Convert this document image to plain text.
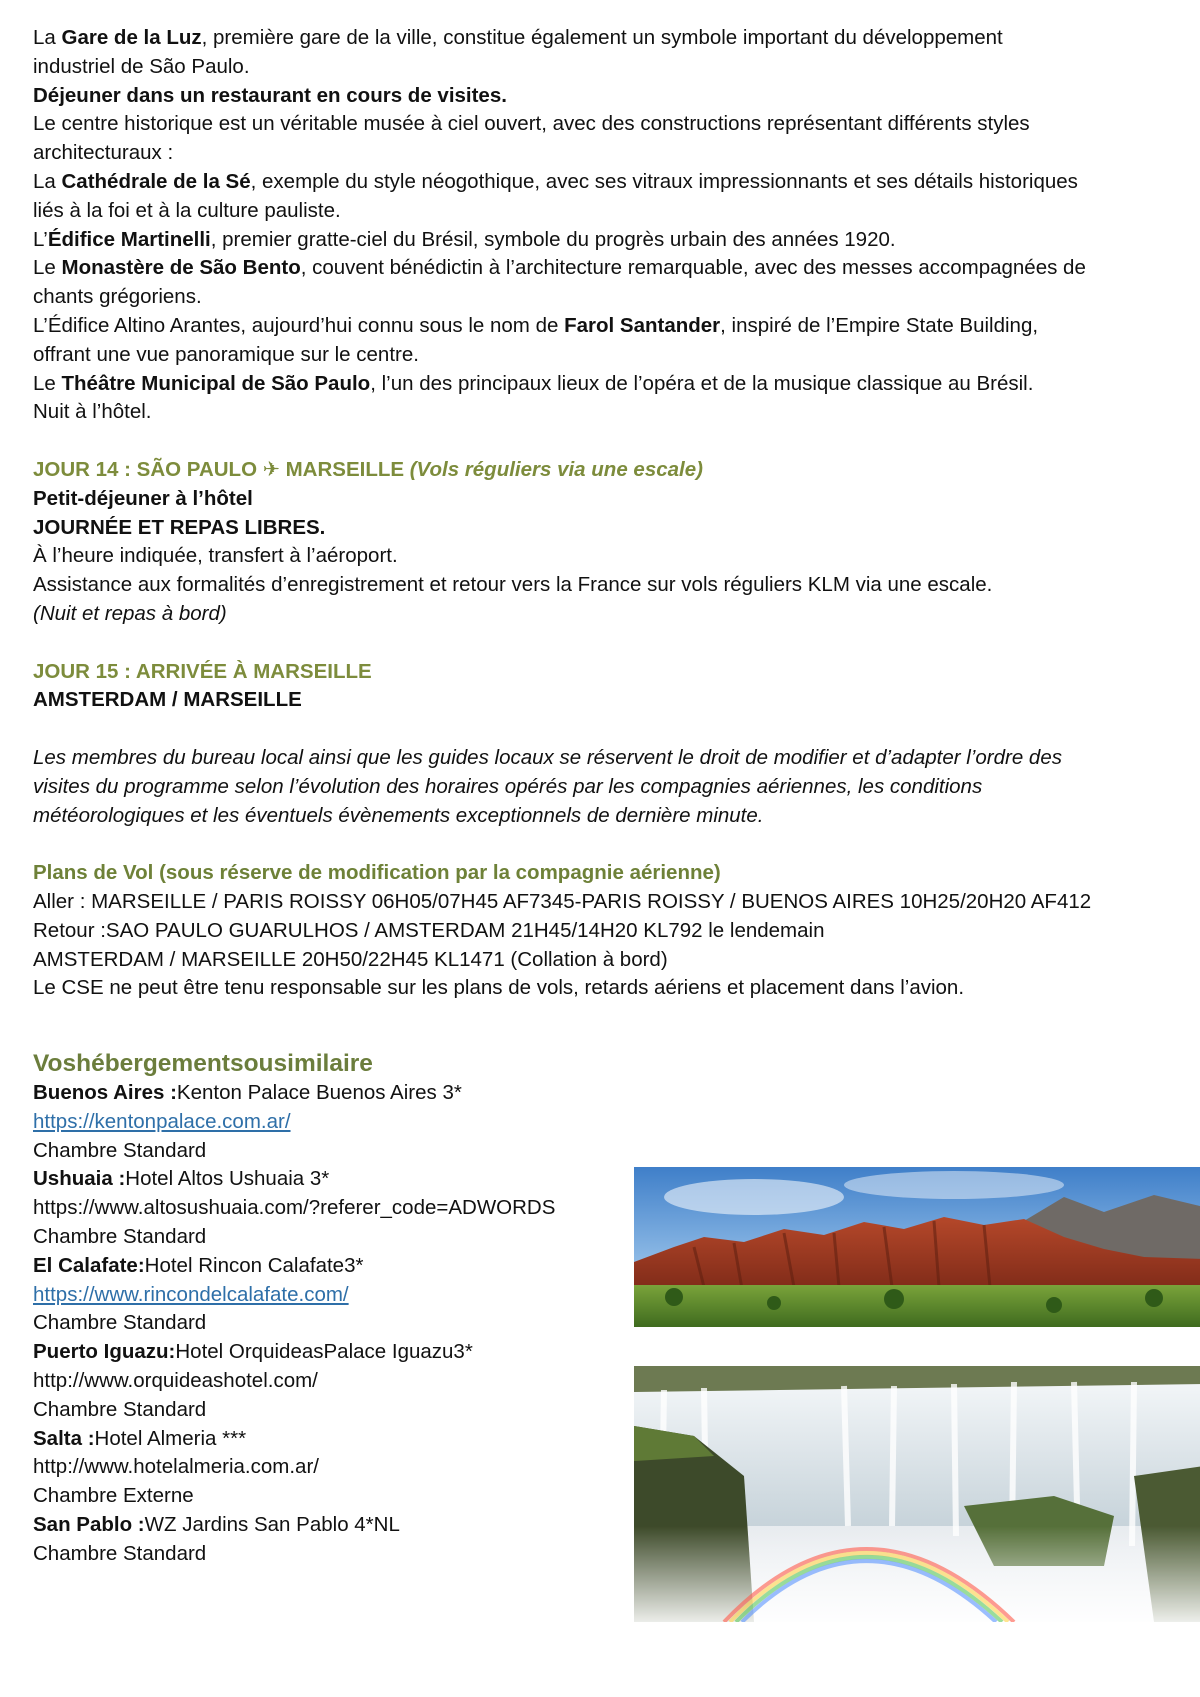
La Gare de la Luz, première gare de la ville, constitue également un symbole important du développement
industriel de São Paulo.
Déjeuner dans un restaurant en cours de visites.
Le centre historique est un véritable musée à ciel ouvert, avec des constructions représentant différents styles
architecturaux :
La Cathédrale de la Sé, exemple du style néogothique, avec ses vitraux impressionnants et ses détails historiques
liés à la foi et à la culture pauliste.
L’Édifice Martinelli, premier gratte-ciel du Brésil, symbole du progrès urbain des années 1920.
Le Monastère de São Bento, couvent bénédictin à l’architecture remarquable, avec des messes accompagnées de
chants grégoriens.
L’Édifice Altino Arantes, aujourd’hui connu sous le nom de Farol Santander, inspiré de l’Empire State Building,
offrant une vue panoramique sur le centre.
Le Théâtre Municipal de São Paulo, l’un des principaux lieux de l’opéra et de la musique classique au Brésil.
Nuit à l’hôtel.
JOUR 14 : SÃO PAULO ✈ MARSEILLE (Vols réguliers via une escale)
Petit-déjeuner à l’hôtel
JOURNÉE ET REPAS LIBRES.
À l’heure indiquée, transfert à l’aéroport.
Assistance aux formalités d’enregistrement et retour vers la France sur vols réguliers KLM via une escale.
(Nuit et repas à bord)
JOUR 15 : ARRIVÉE À MARSEILLE
AMSTERDAM / MARSEILLE
Les membres du bureau local ainsi que les guides locaux se réservent le droit de modifier et d’adapter l’ordre des
visites du programme selon l’évolution des horaires opérés par les compagnies aériennes, les conditions
météorologiques et les éventuels évènements exceptionnels de dernière minute.
Plans de Vol (sous réserve de modification par la compagnie aérienne)
Aller : MARSEILLE / PARIS ROISSY 06H05/07H45 AF7345-PARIS ROISSY / BUENOS AIRES 10H25/20H20 AF412
Retour :SAO PAULO GUARULHOS / AMSTERDAM 21H45/14H20 KL792 le lendemain
AMSTERDAM / MARSEILLE 20H50/22H45 KL1471 (Collation à bord)
Le CSE ne peut être tenu responsable sur les plans de vols, retards aériens et placement dans l’avion.
Voshébergementsousimilaire
Buenos Aires :Kenton Palace Buenos Aires 3*
https://kentonpalace.com.ar/
Chambre Standard
Ushuaia :Hotel Altos Ushuaia 3*
https://www.altosushuaia.com/?referer_code=ADWORDS
Chambre Standard
El Calafate:Hotel Rincon Calafate3*
https://www.rincondelcalafate.com/
Chambre Standard
Puerto Iguazu:Hotel OrquideasPalace Iguazu3*
http://www.orquideashotel.com/
Chambre Standard
Salta :Hotel Almeria ***
http://www.hotelalmeria.com.ar/
Chambre Externe
San Pablo :WZ Jardins San Pablo 4*NL
Chambre Standard
